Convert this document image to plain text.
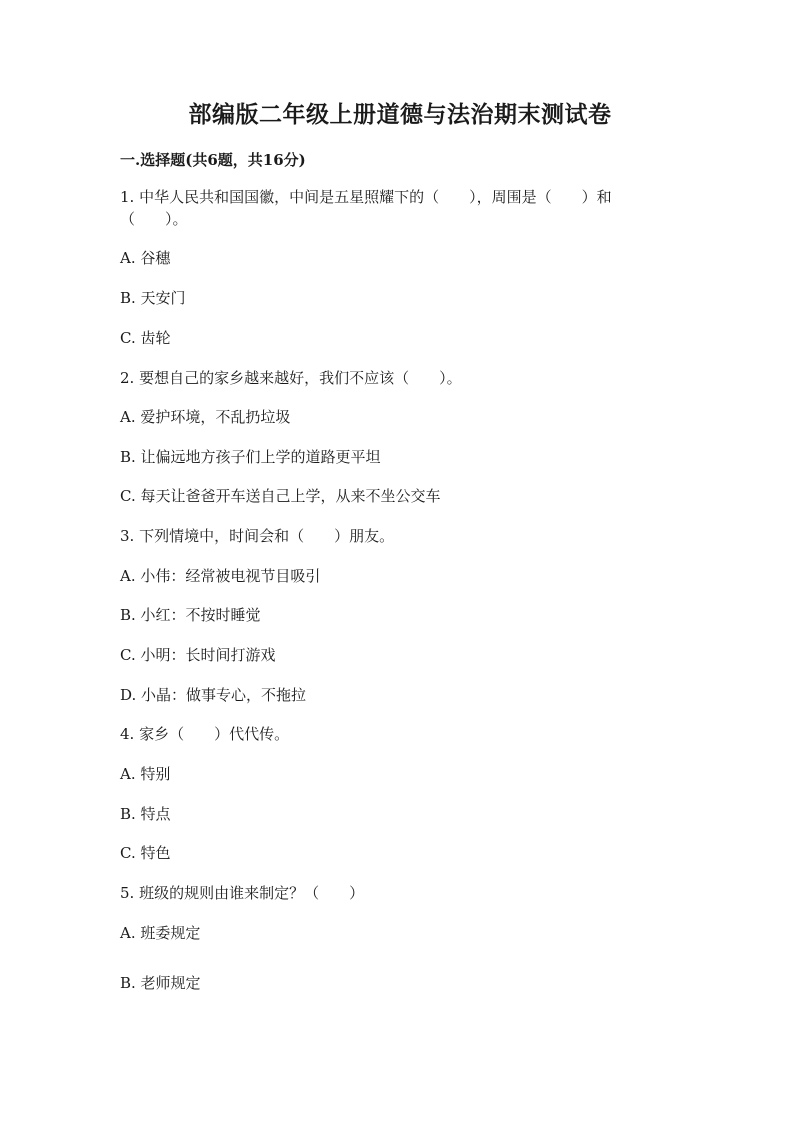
部编版二年级上册道德与法治期末测试卷
一.选择题(共6题，共16分)
1. 中华人民共和国国徽，中间是五星照耀下的（　　），周围是（　　）和
（　　）。
A. 谷穗
B. 天安门
C. 齿轮
2. 要想自己的家乡越来越好，我们不应该（　　）。
A. 爱护环境，不乱扔垃圾
B. 让偏远地方孩子们上学的道路更平坦
C. 每天让爸爸开车送自己上学，从来不坐公交车
3. 下列情境中，时间会和（　　）朋友。
A. 小伟：经常被电视节目吸引
B. 小红：不按时睡觉
C. 小明：长时间打游戏
D. 小晶：做事专心，不拖拉
4. 家乡（　　）代代传。
A. 特别
B. 特点
C. 特色
5. 班级的规则由谁来制定？（　　）
A. 班委规定
B. 老师规定
